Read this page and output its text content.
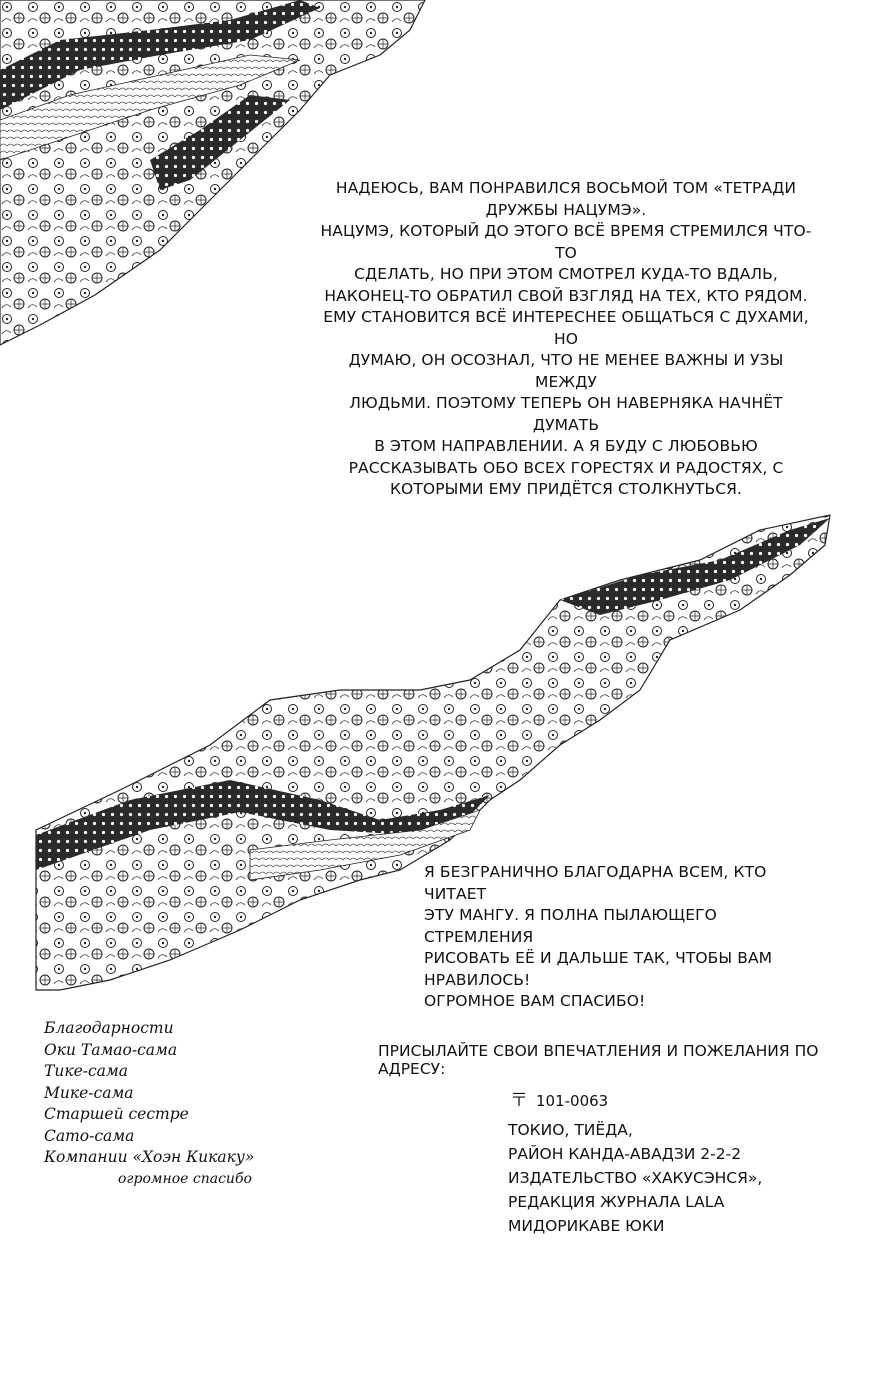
НАДЕЮСЬ, ВАМ ПОНРАВИЛСЯ ВОСЬМОЙ ТОМ «ТЕТРАДИ

ДРУЖБЫ НАЦУМЭ».

НАЦУМЭ, КОТОРЫЙ ДО ЭТОГО ВСЁ ВРЕМЯ СТРЕМИЛСЯ ЧТО-ТО

СДЕЛАТЬ, НО ПРИ ЭТОМ СМОТРЕЛ КУДА-ТО ВДАЛЬ,

НАКОНЕЦ-ТО ОБРАТИЛ СВОЙ ВЗГЛЯД НА ТЕХ, КТО РЯДОМ.

ЕМУ СТАНОВИТСЯ ВСЁ ИНТЕРЕСНЕЕ ОБЩАТЬСЯ С ДУХАМИ, НО

ДУМАЮ, ОН ОСОЗНАЛ, ЧТО НЕ МЕНЕЕ ВАЖНЫ И УЗЫ МЕЖДУ

ЛЮДЬМИ. ПОЭТОМУ ТЕПЕРЬ ОН НАВЕРНЯКА НАЧНЁТ ДУМАТЬ

В ЭТОМ НАПРАВЛЕНИИ. А Я БУДУ С ЛЮБОВЬЮ

РАССКАЗЫВАТЬ ОБО ВСЕХ ГОРЕСТЯХ И РАДОСТЯХ, С

КОТОРЫМИ ЕМУ ПРИДЁТСЯ СТОЛКНУТЬСЯ.

Я БЕЗГРАНИЧНО БЛАГОДАРНА ВСЕМ, КТО ЧИТАЕТ

ЭТУ МАНГУ. Я ПОЛНА ПЫЛАЮЩЕГО СТРЕМЛЕНИЯ

РИСОВАТЬ ЕЁ И ДАЛЬШЕ ТАК, ЧТОБЫ ВАМ

НРАВИЛОСЬ!

ОГРОМНОЕ ВАМ СПАСИБО!

Благодарности
Оки Тамао-сама
Тике-сама
Мике-сама
Старшей сестре
Сато-сама
Компании «Хоэн Кикаку»
огромное спасибо
ПРИСЫЛАЙТЕ СВОИ ВПЕЧАТЛЕНИЯ И ПОЖЕЛАНИЯ ПО АДРЕСУ:
〒 101-0063
ТОКИО, ТИЁДА,
РАЙОН КАНДА-АВАДЗИ 2-2-2
ИЗДАТЕЛЬСТВО «ХАКУСЭНСЯ»,
РЕДАКЦИЯ ЖУРНАЛА LALA
МИДОРИКАВЕ ЮКИ
